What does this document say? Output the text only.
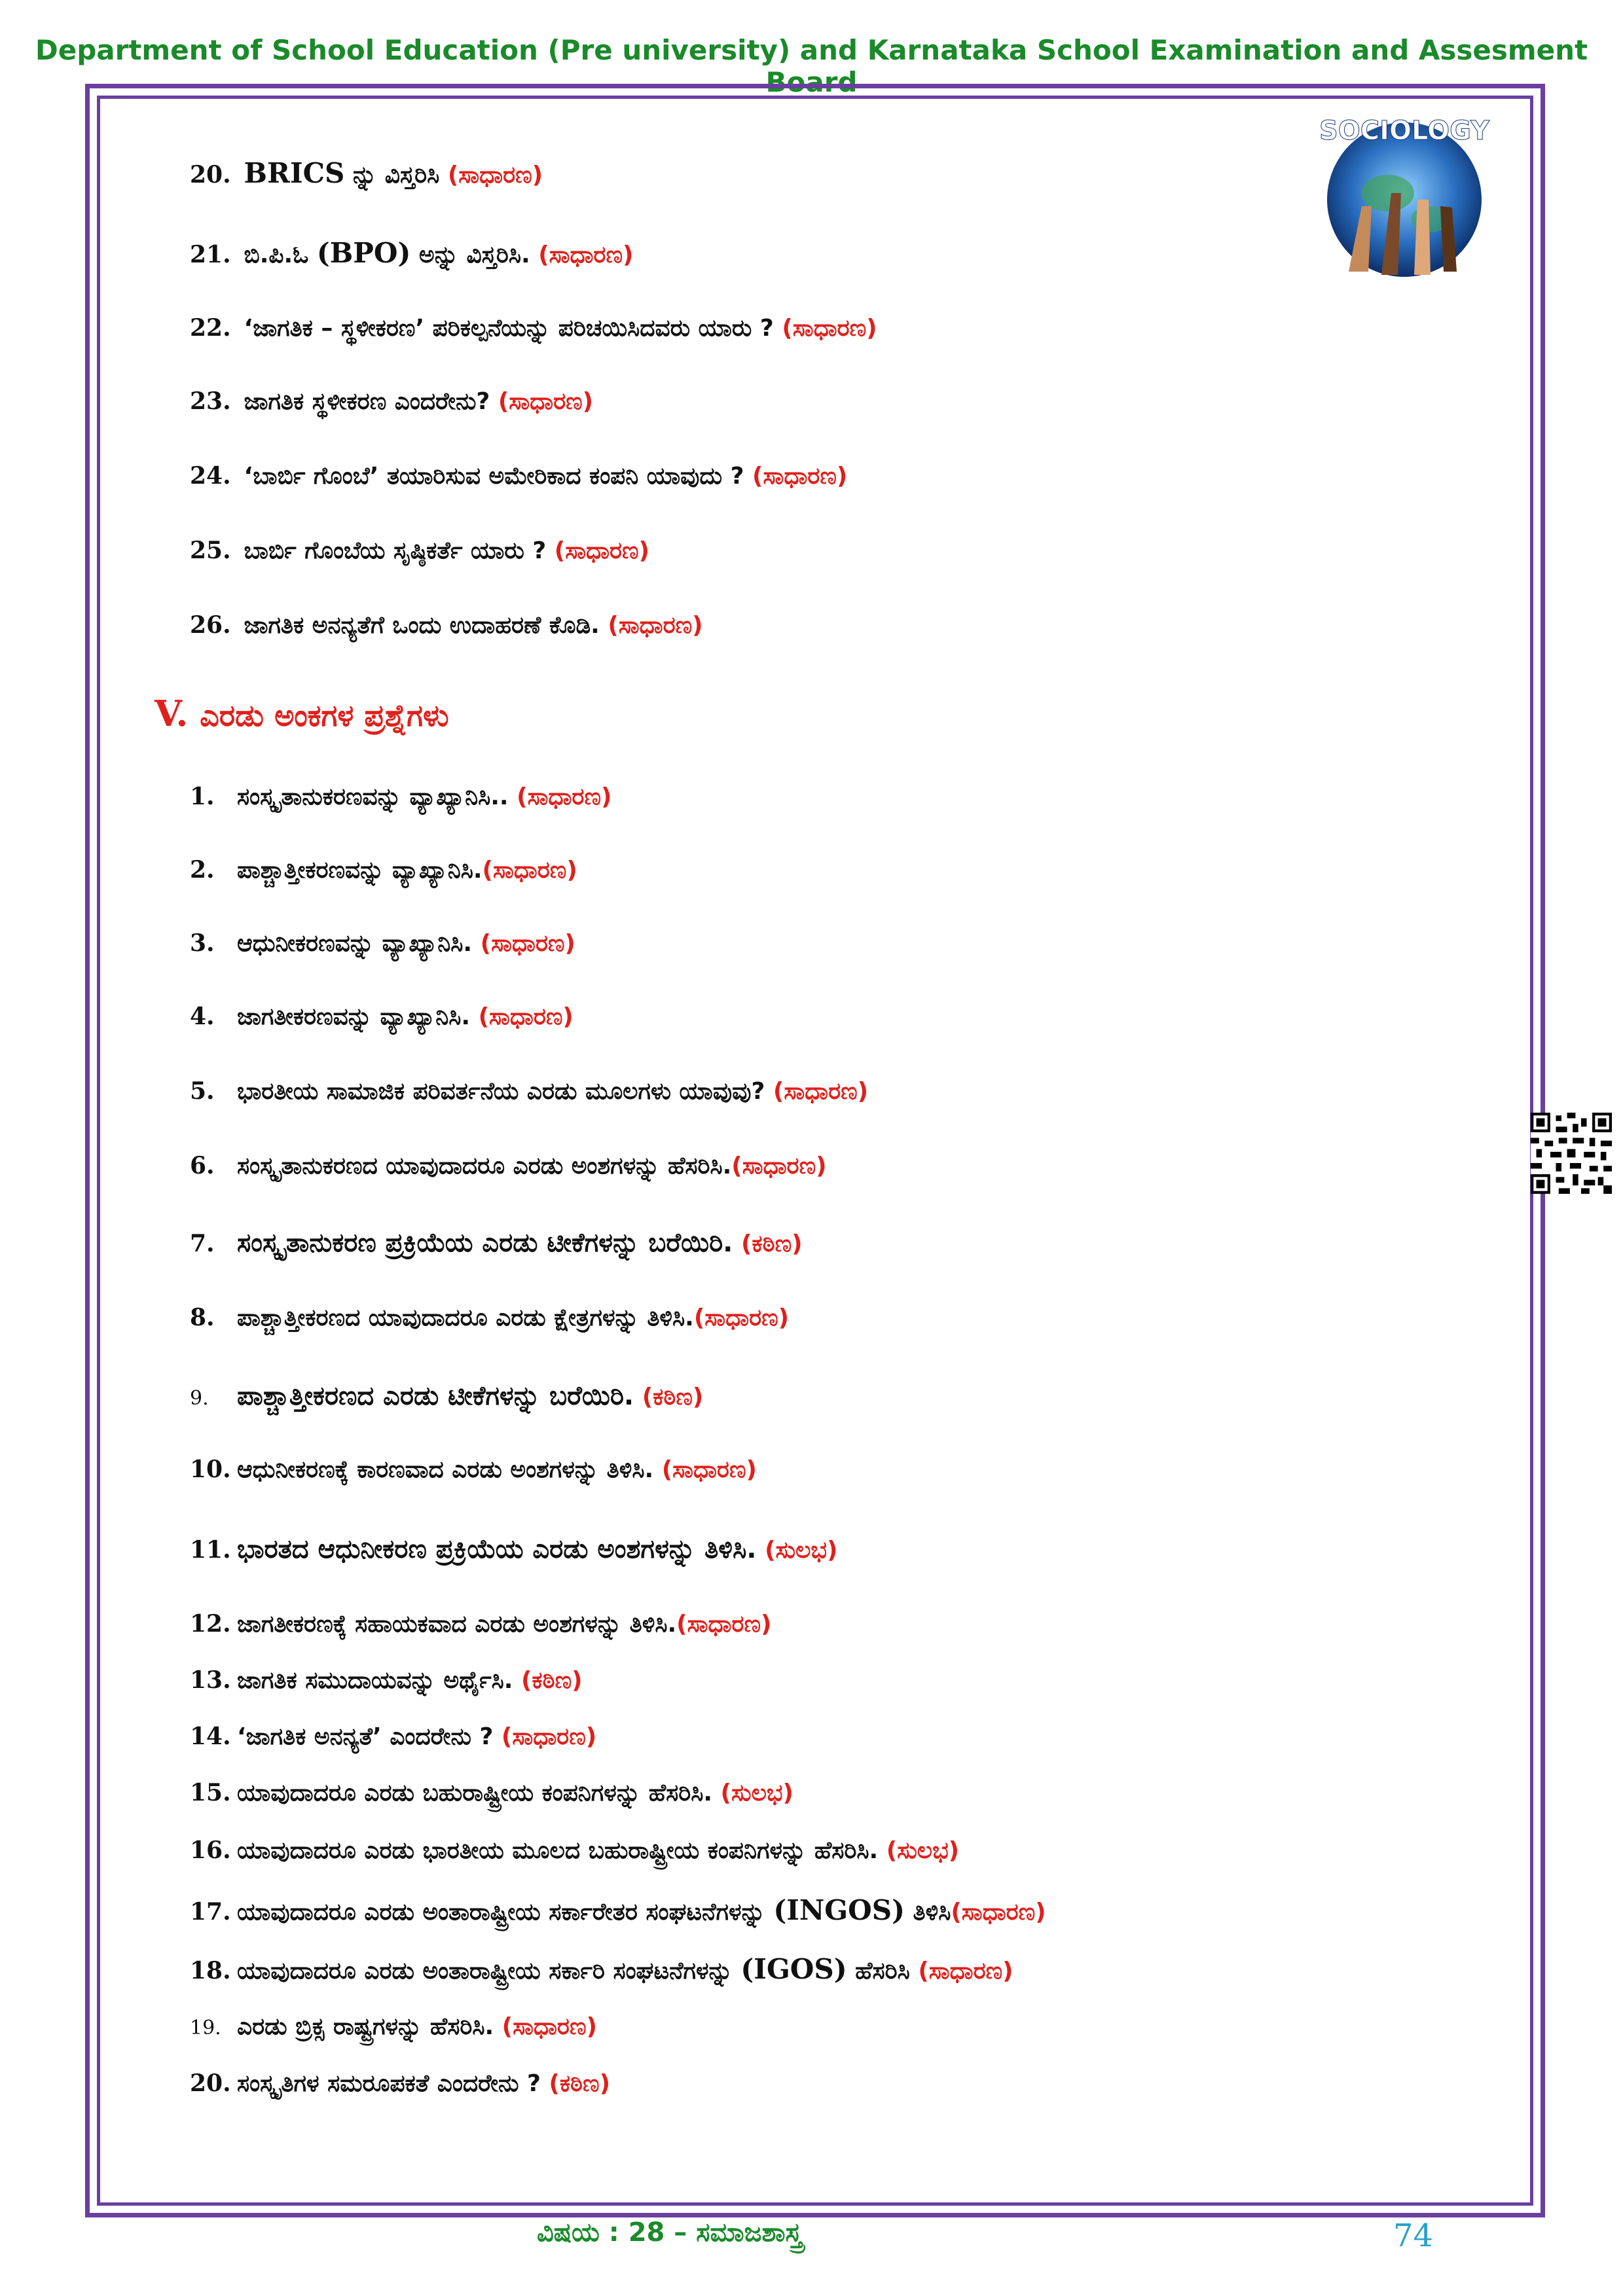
Department of School Education (Pre university) and Karnataka School Examination and Assesment Board
SOCIOLOGY
20. BRICS ನ್ನು ವಿಸ್ತರಿಸಿ (ಸಾಧಾರಣ)
21. ಬಿ.ಪಿ.ಓ (BPO) ಅನ್ನು ವಿಸ್ತರಿಸಿ. (ಸಾಧಾರಣ)
22. ‘ಜಾಗತಿಕ – ಸ್ಥಳೀಕರಣ’ ಪರಿಕಲ್ಪನೆಯನ್ನು ಪರಿಚಯಿಸಿದವರು ಯಾರು ? (ಸಾಧಾರಣ)
23. ಜಾಗತಿಕ ಸ್ಥಳೀಕರಣ ಎಂದರೇನು? (ಸಾಧಾರಣ)
24. ‘ಬಾರ್ಬಿ ಗೊಂಬೆ’ ತಯಾರಿಸುವ ಅಮೇರಿಕಾದ ಕಂಪನಿ ಯಾವುದು ? (ಸಾಧಾರಣ)
25. ಬಾರ್ಬಿ ಗೊಂಬೆಯ ಸೃಷ್ಠಿಕರ್ತೆ ಯಾರು ? (ಸಾಧಾರಣ)
26. ಜಾಗತಿಕ ಅನನ್ಯತೆಗೆ ಒಂದು ಉದಾಹರಣೆ ಕೊಡಿ. (ಸಾಧಾರಣ)
V. ಎರಡು ಅಂಕಗಳ ಪ್ರಶ್ನೆಗಳು
1. ಸಂಸ್ಕೃತಾನುಕರಣವನ್ನು ವ್ಯಾಖ್ಯಾನಿಸಿ.. (ಸಾಧಾರಣ)
2. ಪಾಶ್ಚಾತ್ತೀಕರಣವನ್ನು ವ್ಯಾಖ್ಯಾನಿಸಿ.(ಸಾಧಾರಣ)
3. ಆಧುನೀಕರಣವನ್ನು ವ್ಯಾಖ್ಯಾನಿಸಿ. (ಸಾಧಾರಣ)
4. ಜಾಗತೀಕರಣವನ್ನು ವ್ಯಾಖ್ಯಾನಿಸಿ. (ಸಾಧಾರಣ)
5. ಭಾರತೀಯ ಸಾಮಾಜಿಕ ಪರಿವರ್ತನೆಯ ಎರಡು ಮೂಲಗಳು ಯಾವುವು? (ಸಾಧಾರಣ)
6. ಸಂಸ್ಕೃತಾನುಕರಣದ ಯಾವುದಾದರೂ ಎರಡು ಅಂಶಗಳನ್ನು ಹೆಸರಿಸಿ.(ಸಾಧಾರಣ)
7. ಸಂಸ್ಕೃತಾನುಕರಣ ಪ್ರಕ್ರಿಯೆಯ ಎರಡು ಟೀಕೆಗಳನ್ನು ಬರೆಯಿರಿ. (ಕಠಿಣ)
8. ಪಾಶ್ಚಾತ್ತೀಕರಣದ ಯಾವುದಾದರೂ ಎರಡು ಕ್ಷೇತ್ರಗಳನ್ನು ತಿಳಿಸಿ.(ಸಾಧಾರಣ)
9. ಪಾಶ್ಚಾತ್ತೀಕರಣದ ಎರಡು ಟೀಕೆಗಳನ್ನು ಬರೆಯಿರಿ. (ಕಠಿಣ)
10. ಆಧುನೀಕರಣಕ್ಕೆ ಕಾರಣವಾದ ಎರಡು ಅಂಶಗಳನ್ನು ತಿಳಿಸಿ. (ಸಾಧಾರಣ)
11. ಭಾರತದ ಆಧುನೀಕರಣ ಪ್ರಕ್ರಿಯೆಯ ಎರಡು ಅಂಶಗಳನ್ನು ತಿಳಿಸಿ. (ಸುಲಭ)
12. ಜಾಗತೀಕರಣಕ್ಕೆ ಸಹಾಯಕವಾದ ಎರಡು ಅಂಶಗಳನ್ನು ತಿಳಿಸಿ.(ಸಾಧಾರಣ)
13. ಜಾಗತಿಕ ಸಮುದಾಯವನ್ನು ಅರ್ಥೈಸಿ. (ಕಠಿಣ)
14. ‘ಜಾಗತಿಕ ಅನನ್ಯತೆ’ ಎಂದರೇನು ? (ಸಾಧಾರಣ)
15. ಯಾವುದಾದರೂ ಎರಡು ಬಹುರಾಷ್ಟ್ರೀಯ ಕಂಪನಿಗಳನ್ನು ಹೆಸರಿಸಿ. (ಸುಲಭ)
16. ಯಾವುದಾದರೂ ಎರಡು ಭಾರತೀಯ ಮೂಲದ ಬಹುರಾಷ್ಟ್ರೀಯ ಕಂಪನಿಗಳನ್ನು ಹೆಸರಿಸಿ. (ಸುಲಭ)
17. ಯಾವುದಾದರೂ ಎರಡು ಅಂತಾರಾಷ್ಟ್ರೀಯ ಸರ್ಕಾರೇತರ ಸಂಘಟನೆಗಳನ್ನು (INGOS) ತಿಳಿಸಿ(ಸಾಧಾರಣ)
18. ಯಾವುದಾದರೂ ಎರಡು ಅಂತಾರಾಷ್ಟ್ರೀಯ ಸರ್ಕಾರಿ ಸಂಘಟನೆಗಳನ್ನು (IGOS) ಹೆಸರಿಸಿ (ಸಾಧಾರಣ)
19. ಎರಡು ಬ್ರಿಕ್ಸ ರಾಷ್ಟ್ರಗಳನ್ನು ಹೆಸರಿಸಿ. (ಸಾಧಾರಣ)
20. ಸಂಸ್ಕೃತಿಗಳ ಸಮರೂಪಕತೆ ಎಂದರೇನು ? (ಕಠಿಣ)
ವಿಷಯ : 28 – ಸಮಾಜಶಾಸ್ತ್ರ	74
